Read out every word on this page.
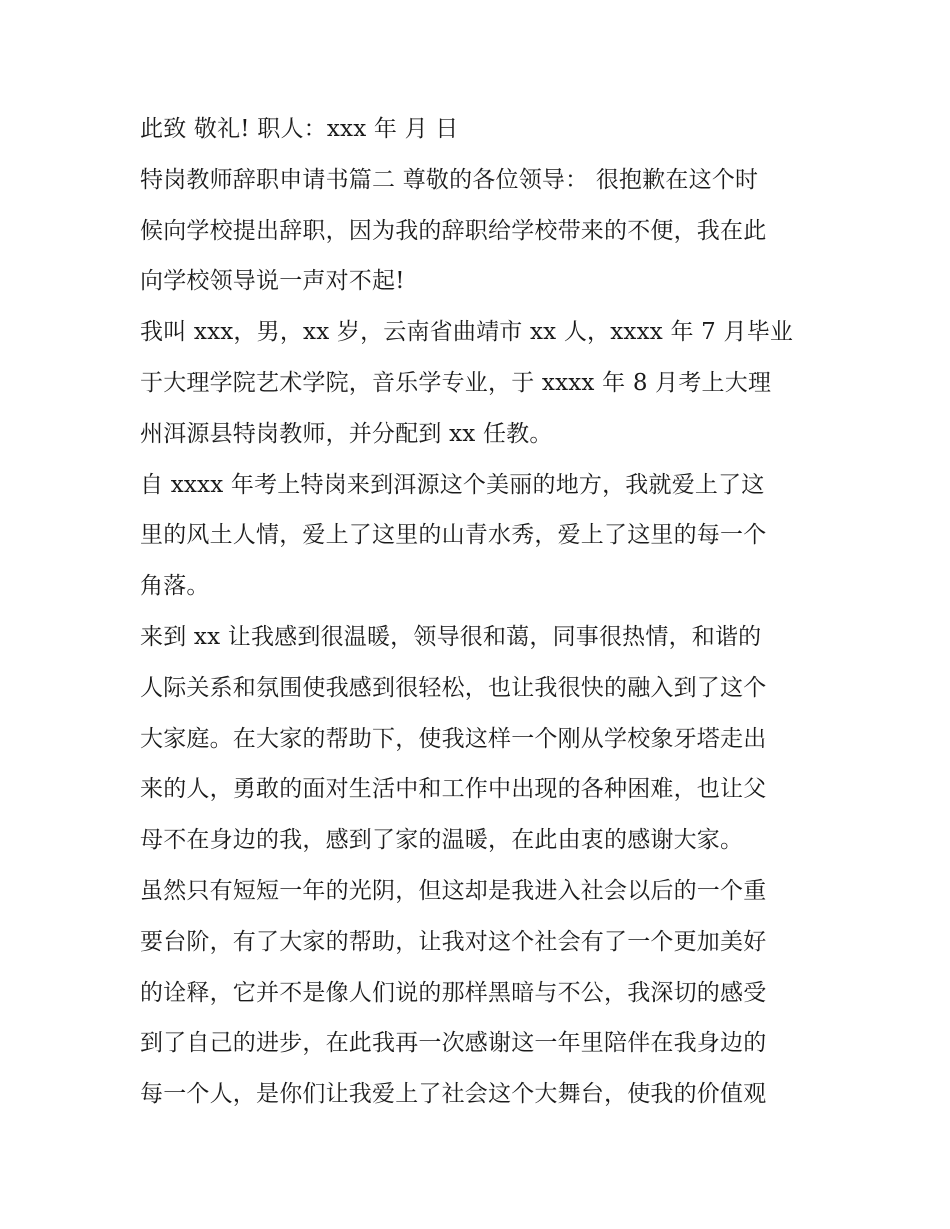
此致 敬礼! 职人：xxx 年 月 日
特岗教师辞职申请书篇二 尊敬的各位领导： 很抱歉在这个时
候向学校提出辞职，因为我的辞职给学校带来的不便，我在此
向学校领导说一声对不起!
我叫 xxx，男，xx 岁，云南省曲靖市 xx 人，xxxx 年 7 月毕业
于大理学院艺术学院，音乐学专业，于 xxxx 年 8 月考上大理
州洱源县特岗教师，并分配到 xx 任教。
自 xxxx 年考上特岗来到洱源这个美丽的地方，我就爱上了这
里的风土人情，爱上了这里的山青水秀，爱上了这里的每一个
角落。
来到 xx 让我感到很温暖，领导很和蔼，同事很热情，和谐的
人际关系和氛围使我感到很轻松，也让我很快的融入到了这个
大家庭。在大家的帮助下，使我这样一个刚从学校象牙塔走出
来的人，勇敢的面对生活中和工作中出现的各种困难，也让父
母不在身边的我，感到了家的温暖，在此由衷的感谢大家。
虽然只有短短一年的光阴，但这却是我进入社会以后的一个重
要台阶，有了大家的帮助，让我对这个社会有了一个更加美好
的诠释，它并不是像人们说的那样黑暗与不公，我深切的感受
到了自己的进步，在此我再一次感谢这一年里陪伴在我身边的
每一个人，是你们让我爱上了社会这个大舞台，使我的价值观
